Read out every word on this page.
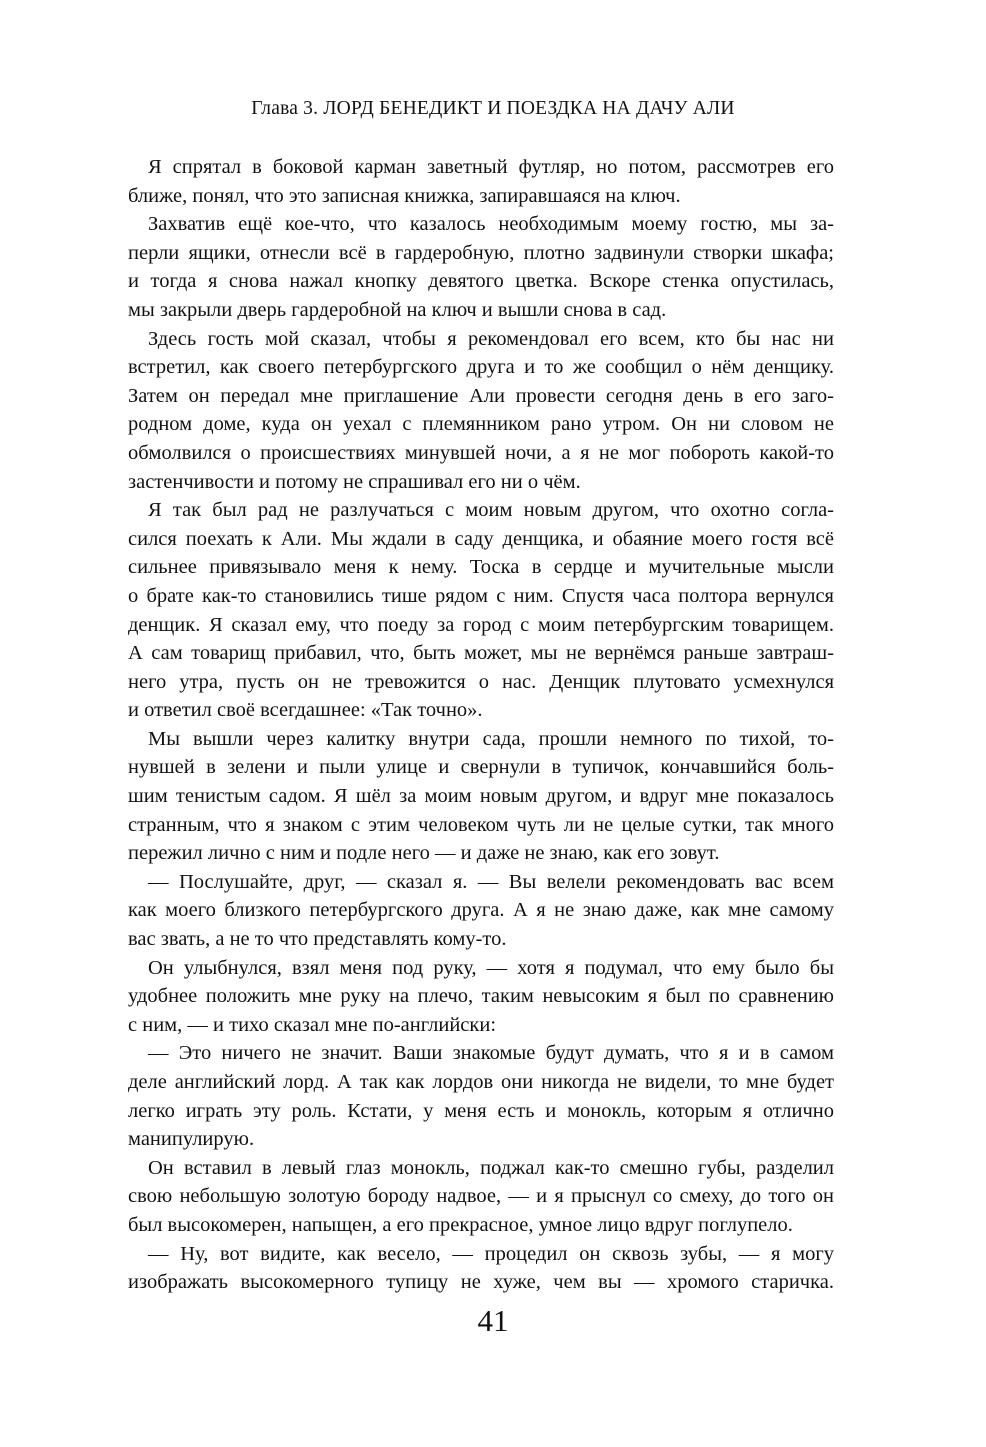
Глава 3. ЛОРД БЕНЕДИКТ И ПОЕЗДКА НА ДАЧУ АЛИ

Я спрятал в боковой карман заветный футляр, но потом, рассмотрев его
ближе, понял, что это записная книжка, запиравшаяся на ключ.

Захватив ещё кое-что, что казалось необходимым моему гостю, мы за-
перли ящики, отнесли всё в гардеробную, плотно задвинули створки шкафа;
и тогда я снова нажал кнопку девятого цветка. Вскоре стенка опустилась,
мы закрыли дверь гардеробной на ключ и вышли снова в сад.

Здесь гость мой сказал, чтобы я рекомендовал его всем, кто бы нас ни
встретил, как своего петербургского друга и то же сообщил о нём денщику.
Затем он передал мне приглашение Али провести сегодня день в его заго-
родном доме, куда он уехал с племянником рано утром. Он ни словом не
обмолвился о происшествиях минувшей ночи, а я не мог побороть какой-то
застенчивости и потому не спрашивал его ни о чём.

Я так был рад не разлучаться с моим новым другом, что охотно согла-
сился поехать к Али. Мы ждали в саду денщика, и обаяние моего гостя всё
сильнее привязывало меня к нему. Тоска в сердце и мучительные мысли
о брате как-то становились тише рядом с ним. Спустя часа полтора вернулся
денщик. Я сказал ему, что поеду за город с моим петербургским товарищем.
А сам товарищ прибавил, что, быть может, мы не вернёмся раньше завтраш-
него утра, пусть он не тревожится о нас. Денщик плутовато усмехнулся
и ответил своё всегдашнее: «Так точно».

Мы вышли через калитку внутри сада, прошли немного по тихой, то-
нувшей в зелени и пыли улице и свернули в тупичок, кончавшийся боль-
шим тенистым садом. Я шёл за моим новым другом, и вдруг мне показалось
странным, что я знаком с этим человеком чуть ли не целые сутки, так много
пережил лично с ним и подле него — и даже не знаю, как его зовут.

— Послушайте, друг, — сказал я. — Вы велели рекомендовать вас всем
как моего близкого петербургского друга. А я не знаю даже, как мне самому
вас звать, а не то что представлять кому-то.

Он улыбнулся, взял меня под руку, — хотя я подумал, что ему было бы
удобнее положить мне руку на плечо, таким невысоким я был по сравнению
с ним, — и тихо сказал мне по-английски:

— Это ничего не значит. Ваши знакомые будут думать, что я и в самом
деле английский лорд. А так как лордов они никогда не видели, то мне будет
легко играть эту роль. Кстати, у меня есть и монокль, которым я отлично
манипулирую.

Он вставил в левый глаз монокль, поджал как-то смешно губы, разделил
свою небольшую золотую бороду надвое, — и я прыснул со смеху, до того он
был высокомерен, напыщен, а его прекрасное, умное лицо вдруг поглупело.

— Ну, вот видите, как весело, — процедил он сквозь зубы, — я могу
изображать высокомерного тупицу не хуже, чем вы — хромого старичка.

41
